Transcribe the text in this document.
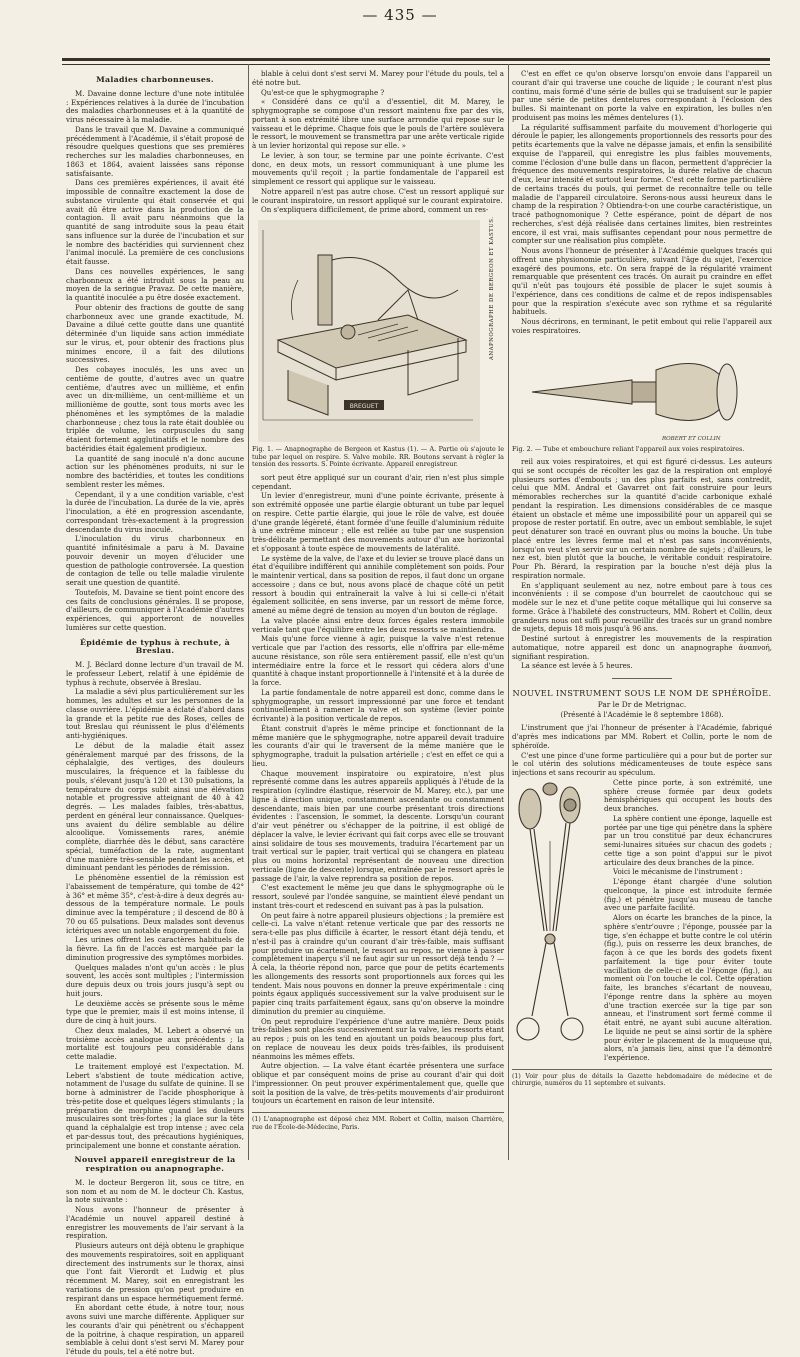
— 435 —

Maladies charbonneuses.

M. Davaine donne lecture d'une note intitulée : Expériences relatives à la durée de l'incubation des maladies charbonneuses et à la quantité de virus nécessaire à la maladie.

Dans le travail que M. Davaine a communiqué précédemment à l'Académie, il s'était proposé de résoudre quelques questions que ses premières recherches sur les maladies charbonneuses, en 1863 et 1864, avaient laissées sans réponse satisfaisante.

Dans ces premières expériences, il avait été impossible de connaître exactement la dose de substance virulente qui était conservée et qui avait dû être active dans la production de la contagion. Il avait paru néanmoins que la quantité de sang introduite sous la peau était sans influence sur la durée de l'incubation et sur le nombre des bactéridies qui surviennent chez l'animal inoculé. La première de ces conclusions était fausse.

Dans ces nouvelles expériences, le sang charbonneux a été introduit sous la peau au moyen de la seringue Pravaz. De cette manière, la quantité inoculée a pu être dosée exactement.

Pour obtenir des fractions de goutte de sang charbonneux avec une grande exactitude, M. Davaine a dilué cette goutte dans une quantité déterminée d'un liquide sans action immédiate sur le virus, et, pour obtenir des fractions plus minimes encore, il a fait des dilutions successives.

Des cobayes inoculés, les uns avec un centième de goutte, d'autres avec un quatre centième, d'autres avec un millième, et enfin avec un dix-millième, un cent-millième et un millionième de goutte, sont tous morts avec les phénomènes et les symptômes de la maladie charbonneuse ; chez tous la rate était doublée ou triplée de volume, les corpuscules du sang étaient fortement agglutinatifs et le nombre des bactéridies était également prodigieux.

La quantité de sang inoculé n'a donc aucune action sur les phénomènes produits, ni sur le nombre des bactéridies, et toutes les conditions semblent rester les mêmes.

Cependant, il y a une condition variable, c'est la durée de l'incubation. La durée de la vie, après l'inoculation, a été en progression ascendante, correspondant très-exactement à la progression descendante du virus inoculé.

L'inoculation du virus charbonneux en quantité infinitésimale a paru à M. Davaine pouvoir devenir un moyen d'élucider une question de pathologie controversée. La question de contagion de telle ou telle maladie virulente serait une question de quantité.

Toutefois, M. Davaine se tient point encore des ces faits de conclusions générales. Il se propose, d'ailleurs, de communiquer à l'Académie d'autres expériences, qui apporteront de nouvelles lumières sur cette question.

Épidémie de typhus à rechute, à Breslau.

M. J. Béclard donne lecture d'un travail de M. le professeur Lebert, relatif à une épidémie de typhus à rechute, observée à Breslau.

La maladie a sévi plus particulièrement sur les hommes, les adultes et sur les personnes de la classe ouvrière. L'épidémie a éclaté d'abord dans la grande et la petite rue des Roses, celles de tout Breslau qui réunissent le plus d'éléments anti-hygiéniques.

Le début de la maladie était assez généralement marqué par des frissons, de la céphalalgie, des vertiges, des douleurs musculaires, la fréquence et la faiblesse du pouls, s'élevant jusqu'à 120 et 130 pulsations, la température du corps subit ainsi une élévation notable et progressive atteignant de 40 à 42 degrés. — Les malades faibles, très-abattus, perdent en général leur connaissance. Quelques-uns avaient du délire semblable au délire alcoolique. Vomissements rares, anémie complète, diarrhée dès le début, sans caractère spécial, tuméfaction de la rate, augmentant d'une manière très-sensible pendant les accès, et diminuant pendant les périodes de rémission.

Le phénomène essentiel de la rémission est l'abaissement de température, qui tombe de 42° à 36° et même 35°, c'est-à-dire à deux degrés au-dessous de la température normale. Le pouls diminue avec la température ; il descend de 80 à 70 ou 65 pulsations. Deux malades sont devenus ictériques avec un notable engorgement du foie.

Les urines offrent les caractères habituels de la fièvre. La fin de l'accès est marquée par la diminution progressive des symptômes morbides.

Quelques malades n'ont qu'un accès : le plus souvent, les accès sont multiples ; l'intermission dure depuis deux ou trois jours jusqu'à sept ou huit jours.

Le deuxième accès se présente sous le même type que le premier, mais il est moins intense, il dure de cinq à huit jours.

Chez deux malades, M. Lebert a observé un troisième accès analogue aux précédents ; la mortalité est toujours peu considérable dans cette maladie.

Le traitement employé est l'expectation. M. Lebert s'abstient de toute médication active, notamment de l'usage du sulfate de quinine. Il se borne à administrer de l'acide phosphorique à très-petite dose et quelques légers stimulants ; la préparation de morphine quand les douleurs musculaires sont très-fortes ; la glace sur la tête quand la céphalalgie est trop intense ; avec cela et par-dessus tout, des précautions hygiéniques, principalement une bonne et constante aération.

Nouvel appareil enregistreur de la respiration ou anapnographe.

M. le docteur Bergeron lit, sous ce titre, en son nom et au nom de M. le docteur Ch. Kastus, la note suivante :

Nous avons l'honneur de présenter à l'Académie un nouvel appareil destiné à enregistrer les mouvements de l'air servant à la respiration.

Plusieurs auteurs ont déjà obtenu le graphique des mouvements respiratoires, soit en appliquant directement des instruments sur le thorax, ainsi que l'ont fait Vierordt et Ludwig et plus récemment M. Marey, soit en enregistrant les variations de pression qu'on peut produire en respirant dans un espace hermétiquement fermé.

En abordant cette étude, à notre tour, nous avons suivi une marche différente. Appliquer sur les courants d'air qui pénètrent ou s'échappent de la poitrine, à chaque respiration, un appareil semblable à celui dont s'est servi M. Marey pour l'étude du pouls, tel a été notre but.

blable à celui dont s'est servi M. Marey pour l'étude du pouls, tel a été notre but.

Qu'est-ce que le sphygmographe ?

« Considéré dans ce qu'il a d'essentiel, dit M. Marey, le sphygmographe se compose d'un ressort maintenu fixe par des vis, portant à son extrémité libre une surface arrondie qui repose sur le vaisseau et le déprime. Chaque fois que le pouls de l'artère soulèvera le ressort, le mouvement se transmettra par une arête verticale rigide à un levier horizontal qui repose sur elle. »

Le levier, à son tour, se termine par une pointe écrivante. C'est donc, en deux mots, un ressort communiquant à une plume les mouvements qu'il reçoit ; la partie fondamentale de l'appareil est simplement ce ressort qui applique sur le vaisseau.

Notre appareil n'est pas autre chose. C'est un ressort appliqué sur le courant inspiratoire, un ressort appliqué sur le courant expiratoire.

On s'expliquera difficilement, de prime abord, comment un res-

BREGUET
ANAPNOGRAPHE DE BERGEON ET KASTUS.

Fig. 1. — Anapnographe de Bergeon et Kastus (1). — A. Partie où s'ajoute le tube par lequel on respire. S. Valve mobile. RR. Boutons servant à régler la tension des ressorts. S. Pointe écrivante. Appareil enregistreur.

sort peut être appliqué sur un courant d'air, rien n'est plus simple cependant.

Un levier d'enregistreur, muni d'une pointe écrivante, présente à son extrémité opposée une partie élargie obturant un tube par lequel on respire. Cette partie élargie, qui joue le rôle de valve, est douée d'une grande légèreté, étant formée d'une feuille d'aluminium réduite à une extrême minceur ; elle est reliée au tube par une suspension très-délicate permettant des mouvements autour d'un axe horizontal et s'opposant à toute espèce de mouvements de latéralité.

Le système de la valve, de l'axe et du levier se trouve placé dans un état d'équilibre indifférent qui annihile complètement son poids. Pour le maintenir vertical, dans sa position de repos, il faut donc un organe accessoire ; dans ce but, nous avons placé de chaque côté un petit ressort à boudin qui entraînerait la valve à lui si celle-ci n'était également sollicitée, en sens inverse, par un ressort de même force, amené au même degré de tension au moyen d'un bouton de réglage.

La valve placée ainsi entre deux forces égales restera immobile verticale tant que l'équilibre entre les deux ressorts se maintiendra.

Mais qu'une force vienne à agir, puisque la valve n'est retenue verticale que par l'action des ressorts, elle n'offrira par elle-même aucune résistance, son rôle sera entièrement passif, elle n'est qu'un intermédiaire entre la force et le ressort qui cédera alors d'une quantité à chaque instant proportionnelle à l'intensité et à la durée de la force.

La partie fondamentale de notre appareil est donc, comme dans le sphygmographe, un ressort impressionné par une force et tendant continuellement à ramener la valve et son système (levier pointe écrivante) à la position verticale de repos.

Étant construit d'après le même principe et fonctionnant de la même manière que le sphygmographe, notre appareil devait traduire les courants d'air qui le traversent de la même manière que le sphygmographe, traduit la pulsation artérielle ; c'est en effet ce qui a lieu.

Chaque mouvement inspiratoire ou expiratoire, n'est plus représenté comme dans les autres appareils appliqués à l'étude de la respiration (cylindre élastique, réservoir de M. Marey, etc.), par une ligne à direction unique, constamment ascendante ou constamment descendante, mais bien par une courbe présentant trois directions évidentes : l'ascension, le sommet, la descente. Lorsqu'un courant d'air veut pénétrer ou s'échapper de la poitrine, il est obligé de déplacer la valve, le levier écrivant qui fait corps avec elle se trouvant ainsi solidaire de tous ses mouvements, traduira l'écartement par un trait vertical sur le papier, trait vertical qui se changera en plateau plus ou moins horizontal représentant de nouveau une direction verticale (ligne de descente) lorsque, entraînée par le ressort après le passage de l'air, la valve reprendra sa position de repos.

C'est exactement le même jeu que dans le sphygmographe où le ressort, soulevé par l'ondée sanguine, se maintient élevé pendant un instant très-court et redescend en suivant pas à pas la pulsation.

On peut faire à notre appareil plusieurs objections ; la première est celle-ci. La valve n'étant retenue verticale que par des ressorts ne sera-t-elle pas plus difficile à écarter, le ressort étant déjà tendu, et n'est-il pas à craindre qu'un courant d'air très-faible, mais suffisant pour produire un écartement, le ressort au repos, ne vienne à passer complètement inaperçu s'il ne faut agir sur un ressort déjà tendu ? — À cela, la théorie répond non, parce que pour de petits écartements les allongements des ressorts sont proportionnels aux forces qui les tendent. Mais nous pouvons en donner la preuve expérimentale : cinq points égaux appliqués successivement sur la valve produisent sur le papier cinq traits parfaitement égaux, sans qu'on observe la moindre diminution du premier au cinquième.

On peut reproduire l'expérience d'une autre manière. Deux poids très-faibles sont placés successivement sur la valve, les ressorts étant au repos ; puis on les tend en ajoutant un poids beaucoup plus fort, on replace de nouveau les deux poids très-faibles, ils produisent néanmoins les mêmes effets.

Autre objection. — La valve étant écartée présentera une surface oblique et par conséquent moins de prise au courant d'air qui doit l'impressionner. On peut prouver expérimentalement que, quelle que soit la position de la valve, de très-petits mouvements d'air produiront toujours un écartement en raison de leur intensité.

(1) L'anapnographe est déposé chez MM. Robert et Collin, maison Charrière, rue de l'École-de-Médecine, Paris.

C'est en effet ce qu'on observe lorsqu'on envoie dans l'appareil un courant d'air qui traverse une couche de liquide ; le courant n'est plus continu, mais formé d'une série de bulles qui se traduisent sur le papier par une série de petites dentelures correspondant à l'éclosion des bulles. Si maintenant on porte la valve en expiration, les bulles n'en produisent pas moins les mêmes dentelures (1).

La régularité suffisamment parfaite du mouvement d'horlogerie qui déroule le papier, les allongements proportionnels des ressorts pour des petits écartements que la valve ne dépasse jamais, et enfin la sensibilité exquise de l'appareil, qui enregistre les plus faibles mouvements, comme l'éclosion d'une bulle dans un flacon, permettent d'apprécier la fréquence des mouvements respiratoires, la durée relative de chacun d'eux, leur intensité et surtout leur forme. C'est cette forme particulière de certains tracés du pouls, qui permet de reconnaître telle ou telle maladie de l'appareil circulatoire. Serons-nous aussi heureux dans le champ de la respiration ? Obtiendra-t-on une courbe caractéristique, un tracé pathognomonique ? Cette espérance, point de départ de nos recherches, s'est déjà réalisée dans certaines limites, bien restreintes encore, il est vrai, mais suffisantes cependant pour nous permettre de compter sur une réalisation plus complète.

Nous avons l'honneur de présenter à l'Académie quelques tracés qui offrent une physionomie particulière, suivant l'âge du sujet, l'exercice exagéré des poumons, etc. On sera frappé de la régularité vraiment remarquable que présentent ces tracés. On aurait pu craindre en effet qu'il n'eût pas toujours été possible de placer le sujet soumis à l'expérience, dans ces conditions de calme et de repos indispensables pour que la respiration s'exécute avec son rythme et sa régularité habituels.

Nous décrirons, en terminant, le petit embout qui relie l'appareil aux voies respiratoires.

ROBERT ET COLLIN

Fig. 2. — Tube et embouchure reliant l'appareil aux voies respiratoires.

reil aux voies respiratoires, et qui est figuré ci-dessus. Les auteurs qui se sont occupés de récolter les gaz de la respiration ont employé plusieurs sortes d'embouts ; un des plus parfaits est, sans contredit, celui que MM. Andral et Gavarret ont fait construire pour leurs mémorables recherches sur la quantité d'acide carbonique exhalé pendant la respiration. Les dimensions considérables de ce masque étaient un obstacle et même une impossibilité pour un appareil qui se propose de rester portatif. En outre, avec un embout semblable, le sujet peut dénaturer son tracé en ouvrant plus ou moins la bouche. Un tube placé entre les lèvres ferme mal et n'est pas sans inconvénients, lorsqu'on veut s'en servir sur un certain nombre de sujets ; d'ailleurs, le nez est, bien plutôt que la bouche, le véritable conduit respiratoire. Pour Ph. Bérard, la respiration par la bouche n'est déjà plus la respiration normale.

En s'appliquant seulement au nez, notre embout pare à tous ces inconvénients : il se compose d'un bourrelet de caoutchouc qui se modèle sur le nez et d'une petite coque métallique qui lui conserve sa forme. Grâce à l'habileté des constructeurs, MM. Robert et Collin, deux grandeurs nous ont suffi pour recueillir des tracés sur un grand nombre de sujets, depuis 18 mois jusqu'à 96 ans.

Destiné surtout à enregistrer les mouvements de la respiration automatique, notre appareil est donc un anapnographe ἀναπνοή, signifiant respiration.

La séance est levée à 5 heures.

NOUVEL INSTRUMENT SOUS LE NOM DE SPHÉROÏDE.

Par le Dr de Metrignac.

(Présenté à l'Académie le 8 septembre 1868).

L'instrument que j'ai l'honneur de présenter à l'Académie, fabriqué d'après mes indications par MM. Robert et Collin, porte le nom de sphéroïde.

C'est une pince d'une forme particulière qui a pour but de porter sur le col utérin des solutions médicamenteuses de toute espèce sans injections et sans recourir au spéculum.

Cette pince porte, à son extrémité, une sphère creuse formée par deux godets hémisphériques qui occupent les bouts des deux branches.

La sphère contient une éponge, laquelle est portée par une tige qui pénètre dans la sphère par un trou constitué par deux échancrures semi-lunaires situées sur chacun des godets ; cette tige a son point d'appui sur le pivot articulaire des deux branches de la pince.

Voici le mécanisme de l'instrument :

L'éponge étant chargée d'une solution quelconque, la pince est introduite fermée (fig.) et pénètre jusqu'au museau de tanche avec une parfaite facilité.

Alors on écarte les branches de la pince, la sphère s'entr'ouvre ; l'éponge, poussée par la tige, s'en échappe et butte contre le col utérin (fig.), puis on resserre les deux branches, de façon à ce que les bords des godets fixent parfaitement la tige pour éviter toute vacillation de celle-ci et de l'éponge (fig.), au moment où l'on touche le col. Cette opération faite, les branches s'écartant de nouveau, l'éponge rentre dans la sphère au moyen d'une traction exercée sur la tige par son anneau, et l'instrument sort fermé comme il était entré, ne ayant subi aucune altération. Le liquide ne peut se ainsi sortir de la sphère pour éviter le placement de la muqueuse qui, alors, n'a jamais lieu, ainsi que l'a démontré l'expérience.

(1) Voir pour plus de détails la Gazette hebdomadaire de médecine et de chirurgie, numéros du 11 septembre et suivants.
